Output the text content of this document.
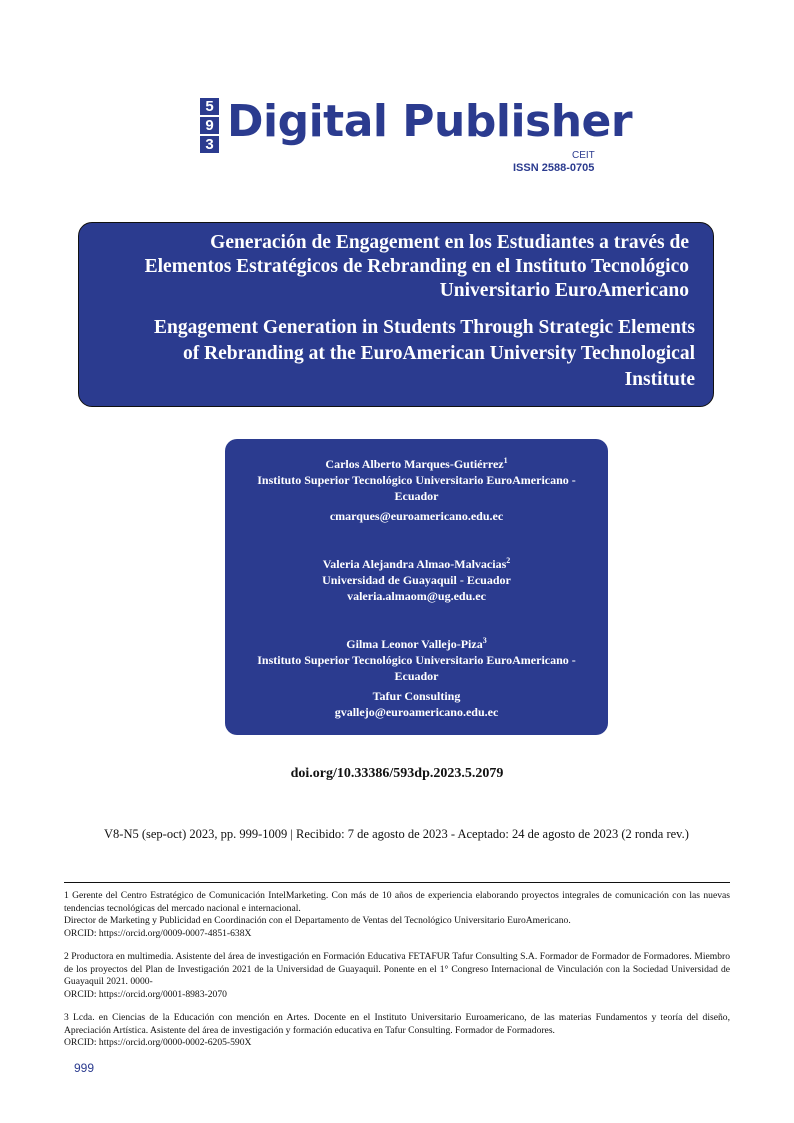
5
9
3 Digital Publisher
CEIT
ISSN 2588-0705
Generación de Engagement en los Estudiantes a través de
Elementos Estratégicos de Rebranding en el Instituto Tecnológico
Universitario EuroAmericano
Engagement Generation in Students Through Strategic Elements
of Rebranding at the EuroAmerican University Technological
Institute
Carlos Alberto Marques-Gutiérrez$^1$
Instituto Superior Tecnológico Universitario EuroAmericano -
Ecuador
cmarques@euroamericano.edu.ec
Valeria Alejandra Almao-Malvacias$^2$
Universidad de Guayaquil - Ecuador
valeria.almaom@ug.edu.ec
Gilma Leonor Vallejo-Piza$^3$
Instituto Superior Tecnológico Universitario EuroAmericano -
Ecuador
Tafur Consulting
gvallejo@euroamericano.edu.ec
doi.org/10.33386/593dp.2023.5.2079
V8-N5 (sep-oct) 2023, pp. 999-1009 | Recibido: 7 de agosto de 2023 - Aceptado: 24 de agosto de 2023 (2 ronda rev.)

1 Gerente del Centro Estratégico de Comunicación IntelMarketing. Con más de 10 años de experiencia elaborando proyectos integrales de comunicación con las nuevas tendencias tecnológicas del mercado nacional e internacional.

Director de Marketing y Publicidad en Coordinación con el Departamento de Ventas del Tecnológico Universitario EuroAmericano.

ORCID: https://orcid.org/0009-0007-4851-638X

2 Productora en multimedia. Asistente del área de investigación en Formación Educativa FETAFUR Tafur Consulting S.A. Formador de Formador de Formadores. Miembro de los proyectos del Plan de Investigación 2021 de la Universidad de Guayaquil. Ponente en el 1° Congreso Internacional de Vinculación con la Sociedad Universidad de Guayaquil 2021. 0000-

ORCID: https://orcid.org/0001-8983-2070

3 Lcda. en Ciencias de la Educación con mención en Artes. Docente en el Instituto Universitario Euroamericano, de las materias Fundamentos y teoría del diseño, Apreciación Artística. Asistente del área de investigación y formación educativa en Tafur Consulting. Formador de Formadores.

ORCID: https://orcid.org/0000-0002-6205-590X

999
